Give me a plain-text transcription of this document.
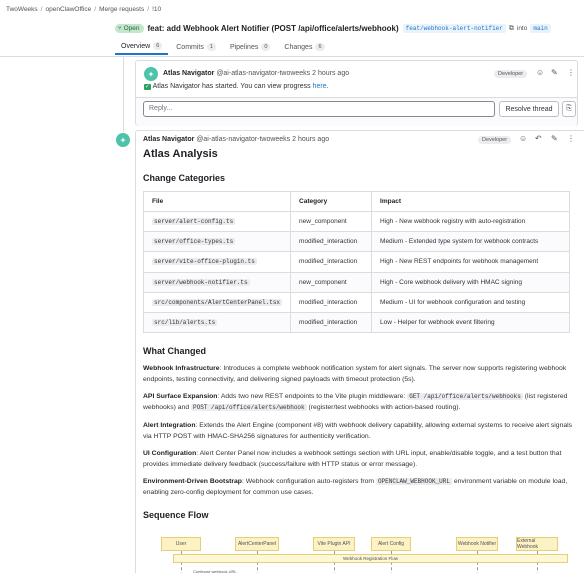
TwoWeeks / openClawOffice / Merge requests / !10
⑂ Open feat: add Webhook Alert Notifier (POST /api/office/alerts/webhook)	feat/webhook-alert-notifier ⧉ into	main
Overview	6	Commits	1	Pipelines	0	Changes	6
✦ Atlas Navigator @ai-atlas-navigator-twoweeks 2 hours ago	Developer	☺ ✎ ⋮
✓ Atlas Navigator has started. You can view progress here.
Reply...	Resolve thread	⎘
✦ Atlas Navigator @ai-atlas-navigator-twoweeks 2 hours ago	Developer	☺ ↶ ✎ ⋮
Atlas Analysis
Change Categories
File	Category	Impact
server/alert-config.ts	new_component	High - New webhook registry with auto-registration
server/office-types.ts	modified_interaction	Medium - Extended type system for webhook contracts
server/vite-office-plugin.ts	modified_interaction	High - New REST endpoints for webhook management
server/webhook-notifier.ts	new_component	High - Core webhook delivery with HMAC signing
src/components/AlertCenterPanel.tsx	modified_interaction	Medium - UI for webhook configuration and testing
src/lib/alerts.ts	modified_interaction	Low - Helper for webhook event filtering
What Changed
Webhook Infrastructure: Introduces a complete webhook notification system for alert signals. The server now supports registering webhook endpoints, testing connectivity, and delivering signed payloads with timeout protection (5s).
API Surface Expansion: Adds two new REST endpoints to the Vite plugin middleware: GET /api/office/alerts/webhooks (list registered webhooks) and POST /api/office/alerts/webhook (register/test webhooks with action-based routing).
Alert Integration: Extends the Alert Engine (component #8) with webhook delivery capability, allowing external systems to receive alert signals via HTTP POST with HMAC-SHA256 signatures for authenticity verification.
UI Configuration: Alert Center Panel now includes a webhook settings section with URL input, enable/disable toggle, and a test button that provides immediate delivery feedback (success/failure with HTTP status or error message).
Environment-Driven Bootstrap: Webhook configuration auto-registers from OPENCLAW_WEBHOOK_URL environment variable on module load, enabling zero-config deployment for common use cases.
Sequence Flow
User	AlertCenterPanel	Vite Plugin API	Alert Config	Webhook Notifier	External Webhook
Webhook Registration Flow
Configure webhook URL
